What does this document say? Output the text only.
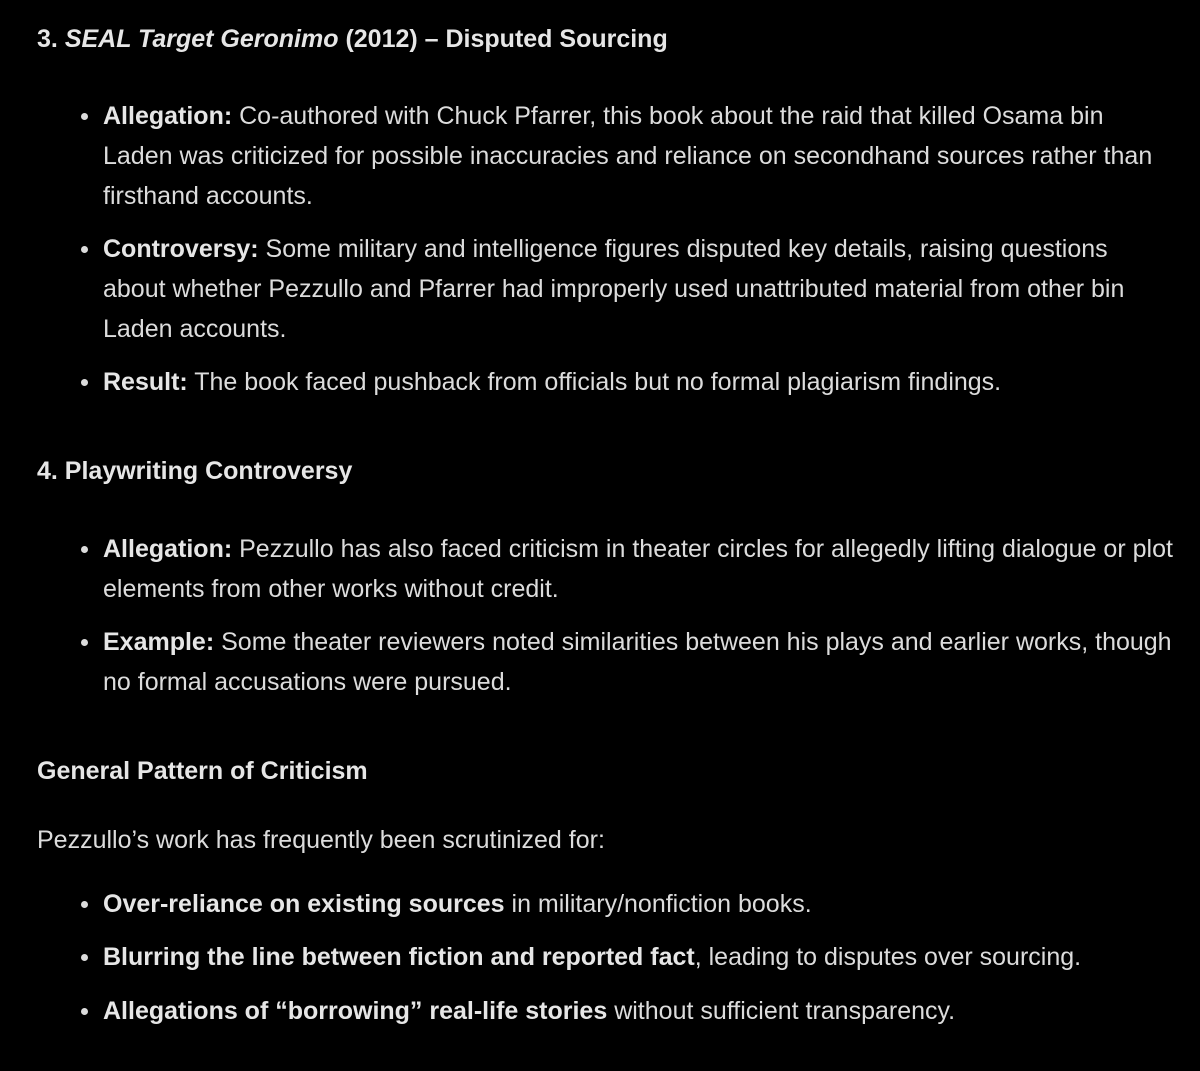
3. SEAL Target Geronimo (2012) – Disputed Sourcing
Allegation: Co-authored with Chuck Pfarrer, this book about the raid that killed Osama bin Laden was criticized for possible inaccuracies and reliance on secondhand sources rather than firsthand accounts.
Controversy: Some military and intelligence figures disputed key details, raising questions about whether Pezzullo and Pfarrer had improperly used unattributed material from other bin Laden accounts.
Result: The book faced pushback from officials but no formal plagiarism findings.
4. Playwriting Controversy
Allegation: Pezzullo has also faced criticism in theater circles for allegedly lifting dialogue or plot elements from other works without credit.
Example: Some theater reviewers noted similarities between his plays and earlier works, though no formal accusations were pursued.
General Pattern of Criticism

Pezzullo’s work has frequently been scrutinized for:

Over-reliance on existing sources in military/nonfiction books.
Blurring the line between fiction and reported fact, leading to disputes over sourcing.
Allegations of “borrowing” real-life stories without sufficient transparency.
